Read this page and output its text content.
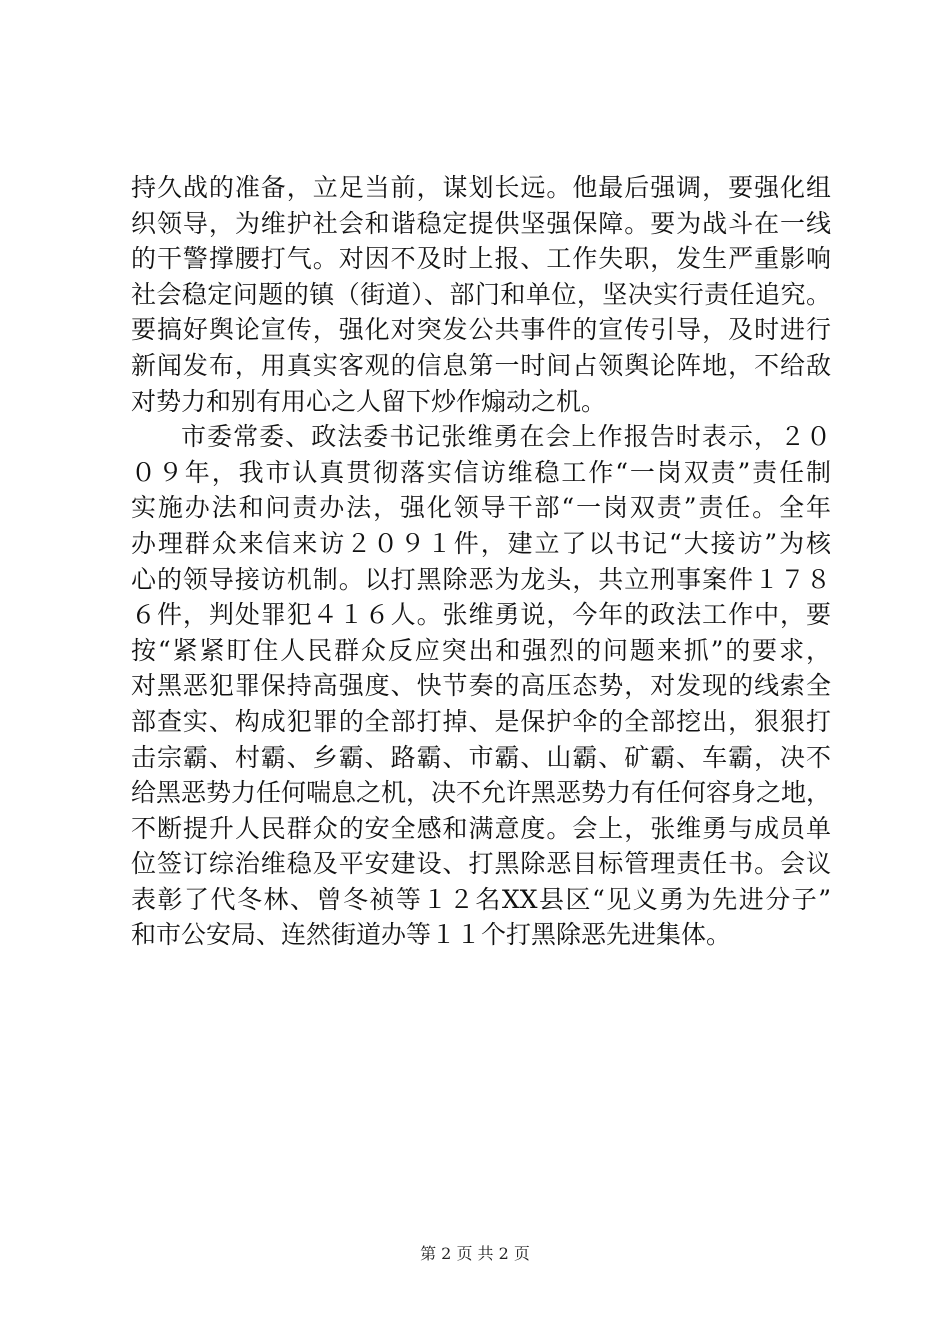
持久战的准备，立足当前，谋划长远。他最后强调，要强化组
织领导，为维护社会和谐稳定提供坚强保障。要为战斗在一线
的干警撑腰打气。对因不及时上报、工作失职，发生严重影响
社会稳定问题的镇（街道）、部门和单位，坚决实行责任追究。
要搞好舆论宣传，强化对突发公共事件的宣传引导，及时进行
新闻发布，用真实客观的信息第一时间占领舆论阵地，不给敌
对势力和别有用心之人留下炒作煽动之机。
市委常委、政法委书记张维勇在会上作报告时表示，２０
０９年，我市认真贯彻落实信访维稳工作“一岗双责”责任制
实施办法和问责办法，强化领导干部“一岗双责”责任。全年
办理群众来信来访２０９１件，建立了以书记“大接访”为核
心的领导接访机制。以打黑除恶为龙头，共立刑事案件１７８
６件，判处罪犯４１６人。张维勇说，今年的政法工作中，要
按“紧紧盯住人民群众反应突出和强烈的问题来抓”的要求，
对黑恶犯罪保持高强度、快节奏的高压态势，对发现的线索全
部查实、构成犯罪的全部打掉、是保护伞的全部挖出，狠狠打
击宗霸、村霸、乡霸、路霸、市霸、山霸、矿霸、车霸，决不
给黑恶势力任何喘息之机，决不允许黑恶势力有任何容身之地，
不断提升人民群众的安全感和满意度。会上，张维勇与成员单
位签订综治维稳及平安建设、打黑除恶目标管理责任书。会议
表彰了代冬林、曾冬祯等１２名XX县区“见义勇为先进分子”
和市公安局、连然街道办等１１个打黑除恶先进集体。
第 2 页 共 2 页
